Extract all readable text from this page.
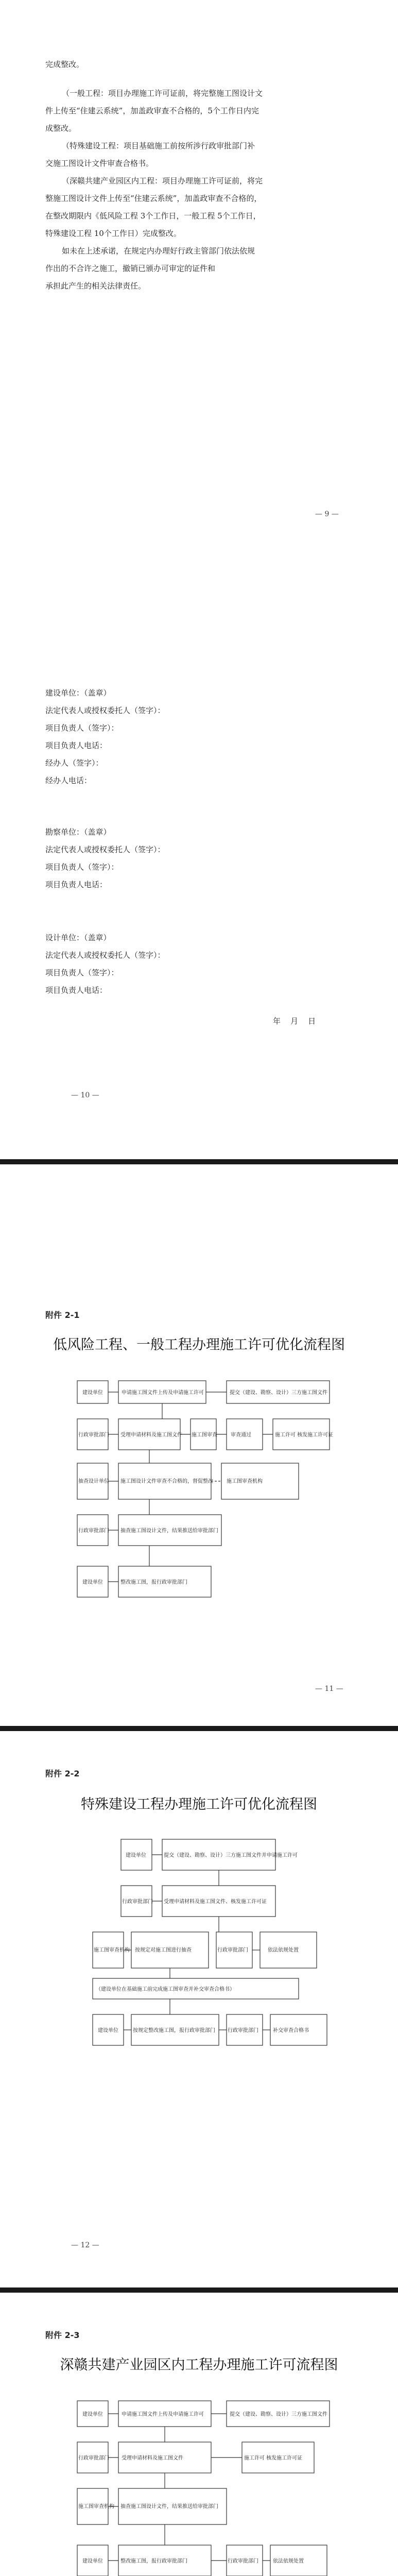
完成整改。
（一般工程：项目办理施工许可证前，将完整施工图设计文
件上传至“住建云系统”，加盖政审查不合格的，5个工作日内完
成整改。
（特殊建设工程：项目基础施工前按所涉行政审批部门补
交施工图设计文件审查合格书。
（深赣共建产业园区内工程：项目办理施工许可证前，将完
整施工图设计文件上传至“住建云系统”，加盖政审查不合格的，
在整改期限内《低风险工程 3个工作日，一般工程 5个工作日，
特殊建设工程 10个工作日）完成整改。
如未在上述承诺，在规定内办理好行政主管部门依法依规
作出的不合许之施工，撤销已颁办可审定的证件和
承担此产生的相关法律责任。
— 9 —
建设单位：（盖章）
法定代表人或授权委托人（签字）：
项目负责人（签字）：
项目负责人电话：
经办人（签字）：
经办人电话：
勘察单位：（盖章）
法定代表人或授权委托人（签字）：
项目负责人（签字）：
项目负责人电话：
设计单位：（盖章）
法定代表人或授权委托人（签字）：
项目负责人（签字）：
项目负责人电话：
年    月    日
— 10 —
附件 2-1
低风险工程、一般工程办理施工许可优化流程图
建设单位	申请施工图文件上传及申请施工许可	提交（建设、勘察、设计）三方施工图文件
行政审批部门 受理申请材料及施工图文件 施工图审查	审查通过	施工许可 核发施工许可证
抽查设计单位 施工图设计文件审查不合格的，督促整改	施工图审查机构
行政审批部门 抽查施工图设计文件，结果推送给审批部门
建设单位	整改施工图，报行政审批部门
— 11 —
附件 2-2
特殊建设工程办理施工许可优化流程图
建设单位	提交（建设、勘察、设计）三方施工图文件并申请施工许可
行政审批部门 受理申请材料及施工图文件、核发施工许可证
施工图审查机构 按规定对施工图进行抽查	行政审批部门	依法依规处置
（建设单位在基础施工前完成施工图审查并补交审查合格书）
建设单位	按规定整改施工图，报行政审批部门 行政审批部门	补交审查合格书
— 12 —
附件 2-3
深赣共建产业园区内工程办理施工许可流程图
建设单位	申请施工图文件上传及申请施工许可	提交（建设、勘察、设计）三方施工图文件
行政审批部门 受理申请材料及施工图文件	施工许可 核发施工许可证
施工图审查机构 抽查施工图设计文件，结果推送给审批部门
建设单位	整改施工图，报行政审批部门	行政审批部门	依法依规处置
